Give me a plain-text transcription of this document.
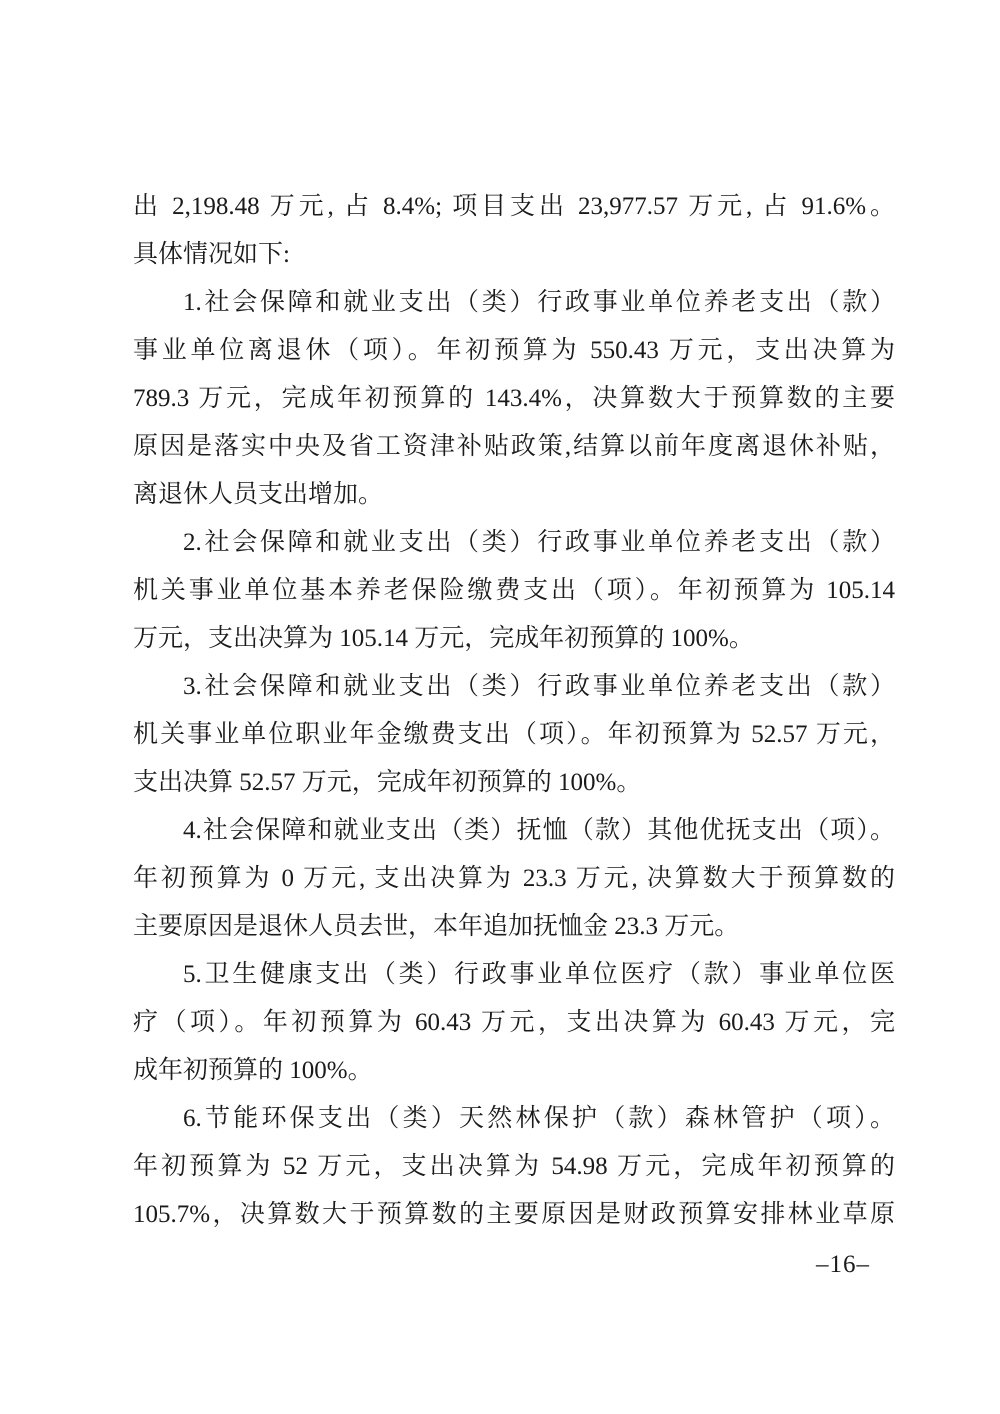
出 2,198.48 万元, 占 8.4%; 项目支出 23,977.57 万元, 占 91.6%。
具体情况如下:
1.社会保障和就业支出（类）行政事业单位养老支出（款）
事业单位离退休（项）。年初预算为 550.43 万元，支出决算为
789.3 万元，完成年初预算的 143.4%，决算数大于预算数的主要
原因是落实中央及省工资津补贴政策,结算以前年度离退休补贴，
离退休人员支出增加。
2.社会保障和就业支出（类）行政事业单位养老支出（款）
机关事业单位基本养老保险缴费支出（项）。年初预算为 105.14
万元，支出决算为 105.14 万元，完成年初预算的 100%。
3.社会保障和就业支出（类）行政事业单位养老支出（款）
机关事业单位职业年金缴费支出（项）。年初预算为 52.57 万元，
支出决算 52.57 万元，完成年初预算的 100%。
4.社会保障和就业支出（类）抚恤（款）其他优抚支出（项）。
年初预算为 0 万元, 支出决算为 23.3 万元, 决算数大于预算数的
主要原因是退休人员去世，本年追加抚恤金 23.3 万元。
5.卫生健康支出（类）行政事业单位医疗（款）事业单位医
疗（项）。年初预算为 60.43 万元，支出决算为 60.43 万元，完
成年初预算的 100%。
6.节能环保支出（类）天然林保护（款）森林管护（项）。
年初预算为 52 万元，支出决算为 54.98 万元，完成年初预算的
105.7%，决算数大于预算数的主要原因是财政预算安排林业草原
–16–
